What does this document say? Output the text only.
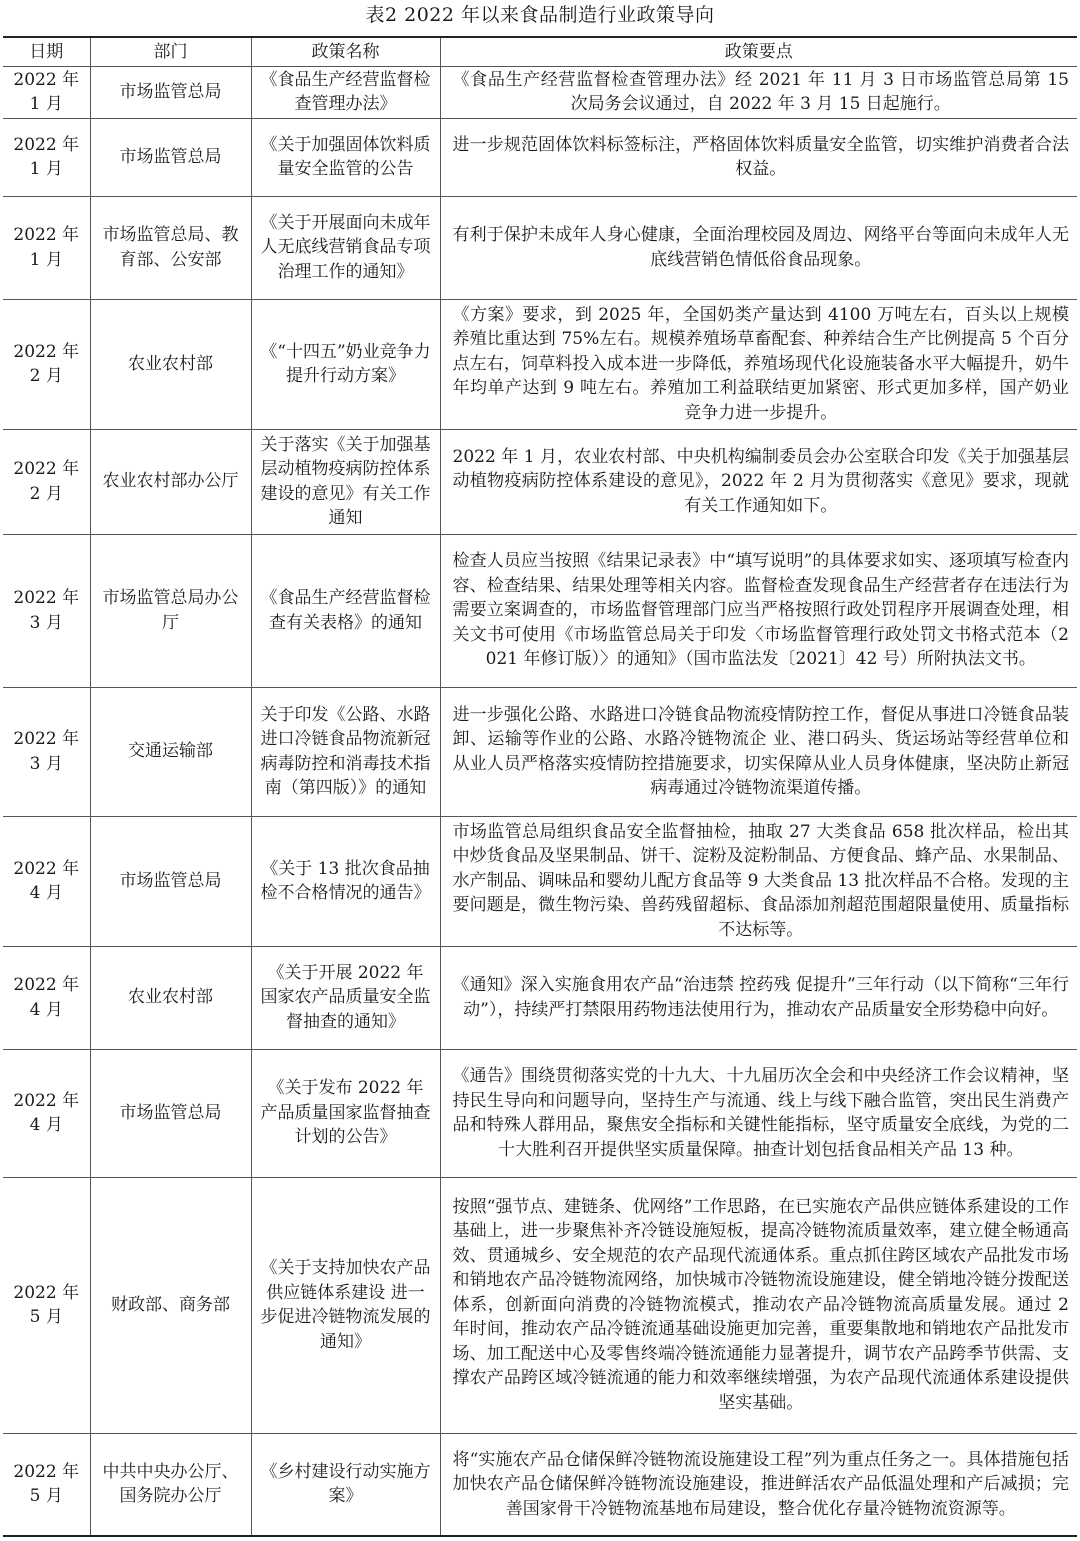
表2 2022 年以来食品制造行业政策导向
日期	部门	政策名称	政策要点
2022 年 1 月	市场监管总局	《食品生产经营监督检查管理办法》	《食品生产经营监督检查管理办法》经 2021 年 11 月 3 日市场监管总局第 15 次局务会议通过，自 2022 年 3 月 15 日起施行。
2022 年 1 月	市场监管总局	《关于加强固体饮料质量安全监管的公告	进一步规范固体饮料标签标注，严格固体饮料质量安全监管，切实维护消费者合法权益。
2022 年 1 月	市场监管总局、教育部、公安部	《关于开展面向未成年人无底线营销食品专项治理工作的通知》	有利于保护未成年人身心健康，全面治理校园及周边、网络平台等面向未成年人无底线营销色情低俗食品现象。
2022 年 2 月	农业农村部	《“十四五”奶业竞争力提升行动方案》	《方案》要求，到 2025 年，全国奶类产量达到 4100 万吨左右，百头以上规模养殖比重达到 75%左右。规模养殖场草畜配套、种养结合生产比例提高 5 个百分点左右，饲草料投入成本进一步降低，养殖场现代化设施装备水平大幅提升，奶牛年均单产达到 9 吨左右。养殖加工利益联结更加紧密、形式更加多样，国产奶业竞争力进一步提升。
2022 年 2 月	农业农村部办公厅	关于落实《关于加强基层动植物疫病防控体系建设的意见》有关工作通知	2022 年 1 月，农业农村部、中央机构编制委员会办公室联合印发《关于加强基层动植物疫病防控体系建设的意见》，2022 年 2 月为贯彻落实《意见》要求，现就有关工作通知如下。
2022 年 3 月	市场监管总局办公厅	《食品生产经营监督检查有关表格》的通知	检查人员应当按照《结果记录表》中“填写说明”的具体要求如实、逐项填写检查内容、检查结果、结果处理等相关内容。监督检查发现食品生产经营者存在违法行为需要立案调查的，市场监督管理部门应当严格按照行政处罚程序开展调查处理，相关文书可使用《市场监管总局关于印发〈市场监督管理行政处罚文书格式范本（2021 年修订版）〉的通知》（国市监法发〔2021〕42 号）所附执法文书。
2022 年 3 月	交通运输部	关于印发《公路、水路进口冷链食品物流新冠病毒防控和消毒技术指南（第四版）》的通知	进一步强化公路、水路进口冷链食品物流疫情防控工作，督促从事进口冷链食品装卸、运输等作业的公路、水路冷链物流企 业、港口码头、货运场站等经营单位和从业人员严格落实疫情防控措施要求，切实保障从业人员身体健康，坚决防止新冠病毒通过冷链物流渠道传播。
2022 年 4 月	市场监管总局	《关于 13 批次食品抽检不合格情况的通告》	市场监管总局组织食品安全监督抽检，抽取 27 大类食品 658 批次样品，检出其中炒货食品及坚果制品、饼干、淀粉及淀粉制品、方便食品、蜂产品、水果制品、水产制品、调味品和婴幼儿配方食品等 9 大类食品 13 批次样品不合格。发现的主要问题是，微生物污染、兽药残留超标、食品添加剂超范围超限量使用、质量指标不达标等。
2022 年 4 月	农业农村部	《关于开展 2022 年国家农产品质量安全监督抽查的通知》	《通知》深入实施食用农产品“治违禁 控药残 促提升”三年行动（以下简称“三年行动”），持续严打禁限用药物违法使用行为，推动农产品质量安全形势稳中向好。
2022 年 4 月	市场监管总局	《关于发布 2022 年产品质量国家监督抽查计划的公告》	《通告》围绕贯彻落实党的十九大、十九届历次全会和中央经济工作会议精神，坚持民生导向和问题导向，坚持生产与流通、线上与线下融合监管，突出民生消费产品和特殊人群用品，聚焦安全指标和关键性能指标，坚守质量安全底线，为党的二十大胜利召开提供坚实质量保障。抽查计划包括食品相关产品 13 种。
2022 年 5 月	财政部、商务部	《关于支持加快农产品供应链体系建设 进一步促进冷链物流发展的通知》	按照“强节点、建链条、优网络”工作思路，在已实施农产品供应链体系建设的工作基础上，进一步聚焦补齐冷链设施短板，提高冷链物流质量效率，建立健全畅通高效、贯通城乡、安全规范的农产品现代流通体系。重点抓住跨区域农产品批发市场和销地农产品冷链物流网络，加快城市冷链物流设施建设，健全销地冷链分拨配送体系，创新面向消费的冷链物流模式，推动农产品冷链物流高质量发展。通过 2 年时间，推动农产品冷链流通基础设施更加完善，重要集散地和销地农产品批发市场、加工配送中心及零售终端冷链流通能力显著提升，调节农产品跨季节供需、支撑农产品跨区域冷链流通的能力和效率继续增强，为农产品现代流通体系建设提供坚实基础。
2022 年 5 月	中共中央办公厅、国务院办公厅	《乡村建设行动实施方案》	将“实施农产品仓储保鲜冷链物流设施建设工程”列为重点任务之一。具体措施包括加快农产品仓储保鲜冷链物流设施建设，推进鲜活农产品低温处理和产后减损；完善国家骨干冷链物流基地布局建设，整合优化存量冷链物流资源等。
